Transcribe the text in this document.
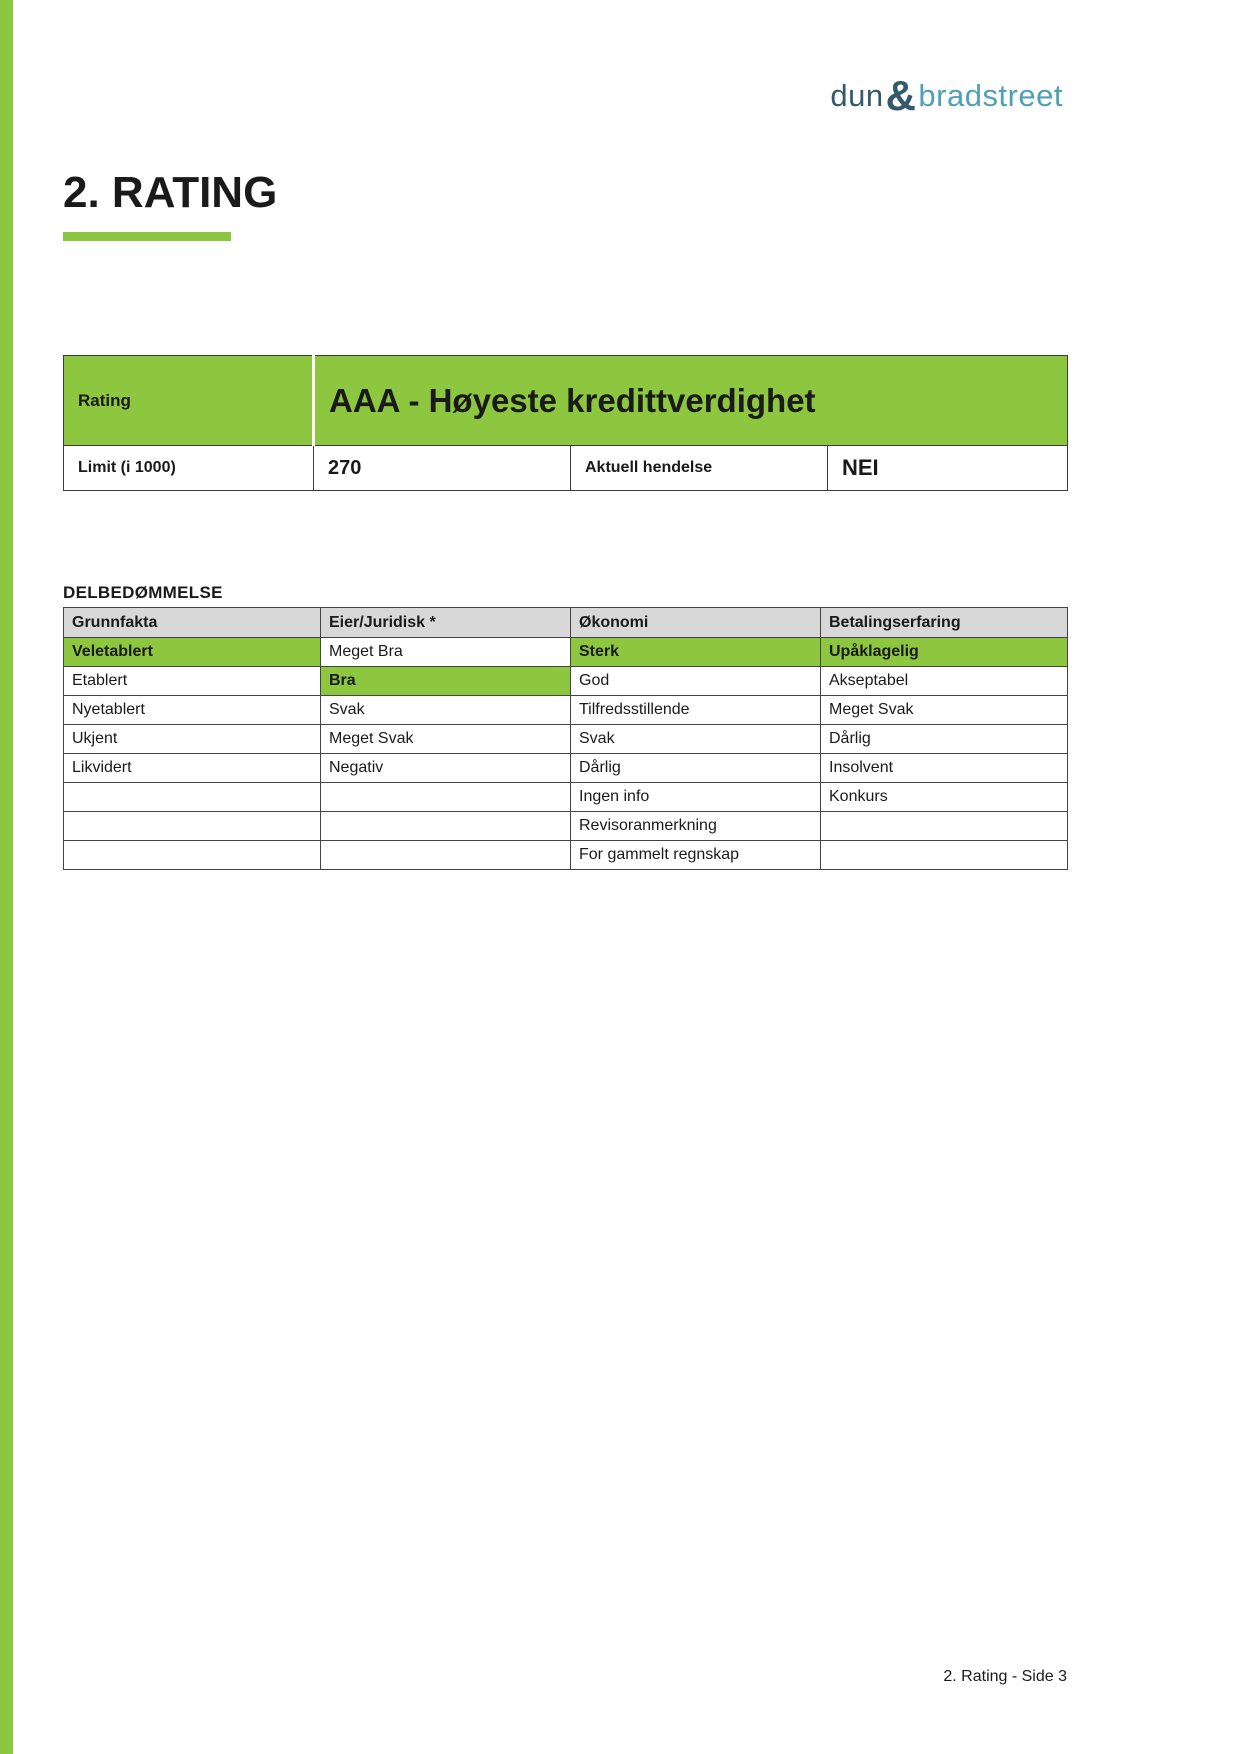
dun&bradstreet
2. RATING
Rating	AAA - Høyeste kredittverdighet		
Limit (i 1000)	270	Aktuell hendelse	NEI
DELBEDØMMELSE
Grunnfakta	Eier/Juridisk *	Økonomi	Betalingserfaring
Veletablert	Meget Bra	Sterk	Upåklagelig
Etablert	Bra	God	Akseptabel
Nyetablert	Svak	Tilfredsstillende	Meget Svak
Ukjent	Meget Svak	Svak	Dårlig
Likvidert	Negativ	Dårlig	Insolvent
		Ingen info	Konkurs
		Revisoranmerkning	
		For gammelt regnskap	
2. Rating - Side 3
